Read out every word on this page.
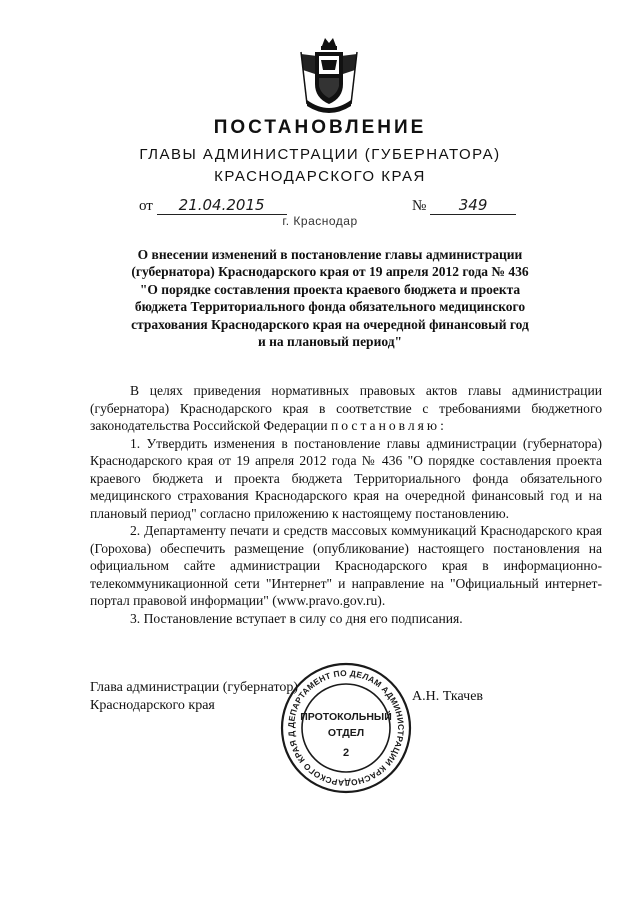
ПОСТАНОВЛЕНИЕ
ГЛАВЫ АДМИНИСТРАЦИИ (ГУБЕРНАТОРА)
КРАСНОДАРСКОГО КРАЯ
от 21.04.2015	№ 349
г. Краснодар
О внесении изменений в постановление главы администрации
(губернатора) Краснодарского края от 19 апреля 2012 года № 436
"О порядке составления проекта краевого бюджета и проекта
бюджета Территориального фонда обязательного медицинского
страхования Краснодарского края на очередной финансовый год
и на плановый период"

В целях приведения нормативных правовых актов главы администрации (губернатора) Краснодарского края в соответствие с требованиями бюджетного законодательства Российской Федерации постановляю:

1. Утвердить изменения в постановление главы администрации (губернатора) Краснодарского края от 19 апреля 2012 года № 436 "О порядке составления проекта краевого бюджета и проекта бюджета Территориального фонда обязательного медицинского страхования Краснодарского края на очередной финансовый год и на плановый период" согласно приложению к настоящему постановлению.

2. Департаменту печати и средств массовых коммуникаций Краснодарского края (Горохова) обеспечить размещение (опубликование) настоящего постановления на официальном сайте администрации Краснодарского края в информационно-телекоммуникационной сети "Интернет" и направление на "Официальный интернет-портал правовой информации" (www.pravo.gov.ru).

3. Постановление вступает в силу со дня его подписания.

Глава администрации (губернатор)
Краснодарского края
А.Н. Ткачев
ДЕПАРТАМЕНТ ПО ДЕЛАМ АДМИНИСТРАЦИИ КРАСНОДАРСКОГО КРАЯ Д
ПРОТОКОЛЬНЫЙ
ОТДЕЛ
2
